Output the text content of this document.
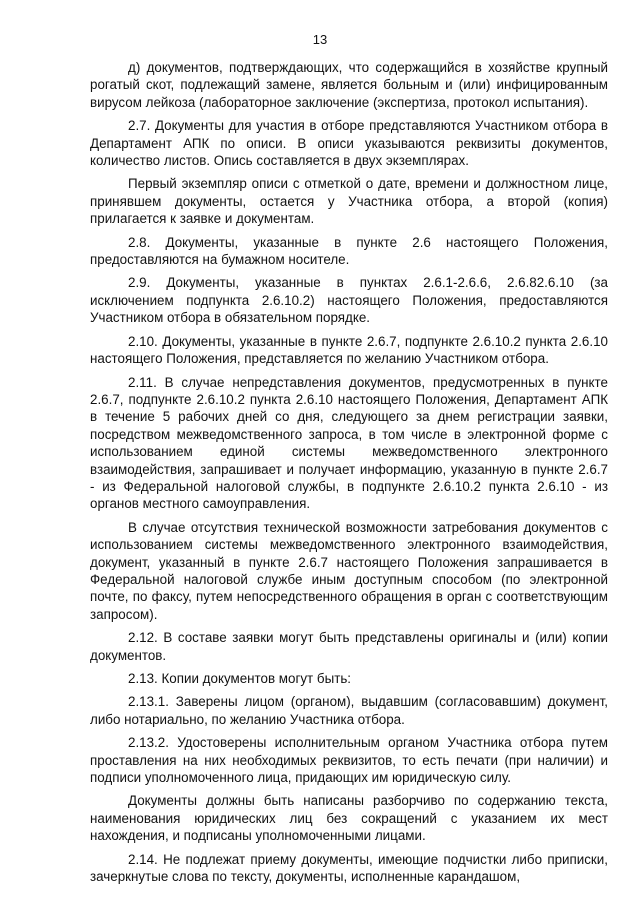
13

д) документов, подтверждающих, что содержащийся в хозяйстве крупный рогатый скот, подлежащий замене, является больным и (или) инфицированным вирусом лейкоза (лабораторное заключение (экспертиза, протокол испытания).

2.7. Документы для участия в отборе представляются Участником отбора в Департамент АПК по описи. В описи указываются реквизиты документов, количество листов. Опись составляется в двух экземплярах.

Первый экземпляр описи с отметкой о дате, времени и должностном лице, принявшем документы, остается у Участника отбора, а второй (копия) прилагается к заявке и документам.

2.8. Документы, указанные в пункте 2.6 настоящего Положения, предоставляются на бумажном носителе.

2.9. Документы, указанные в пунктах 2.6.1-2.6.6, 2.6.82.6.10 (за исключением подпункта 2.6.10.2) настоящего Положения, предоставляются Участником отбора в обязательном порядке.

2.10. Документы, указанные в пункте 2.6.7, подпункте 2.6.10.2 пункта 2.6.10 настоящего Положения, представляется по желанию Участником отбора.

2.11. В случае непредставления документов, предусмотренных в пункте 2.6.7, подпункте 2.6.10.2 пункта 2.6.10 настоящего Положения, Департамент АПК в течение 5 рабочих дней со дня, следующего за днем регистрации заявки, посредством межведомственного запроса, в том числе в электронной форме с использованием единой системы межведомственного электронного взаимодействия, запрашивает и получает информацию, указанную в пункте 2.6.7 - из Федеральной налоговой службы, в подпункте 2.6.10.2 пункта 2.6.10 - из органов местного самоуправления.

В случае отсутствия технической возможности затребования документов с использованием системы межведомственного электронного взаимодействия, документ, указанный в пункте 2.6.7 настоящего Положения запрашивается в Федеральной налоговой службе иным доступным способом (по электронной почте, по факсу, путем непосредственного обращения в орган с соответствующим запросом).

2.12. В составе заявки могут быть представлены оригиналы и (или) копии документов.

2.13. Копии документов могут быть:

2.13.1. Заверены лицом (органом), выдавшим (согласовавшим) документ, либо нотариально, по желанию Участника отбора.

2.13.2. Удостоверены исполнительным органом Участника отбора путем проставления на них необходимых реквизитов, то есть печати (при наличии) и подписи уполномоченного лица, придающих им юридическую силу.

Документы должны быть написаны разборчиво по содержанию текста, наименования юридических лиц без сокращений с указанием их мест нахождения, и подписаны уполномоченными лицами.

2.14. Не подлежат приему документы, имеющие подчистки либо приписки, зачеркнутые слова по тексту, документы, исполненные карандашом,
